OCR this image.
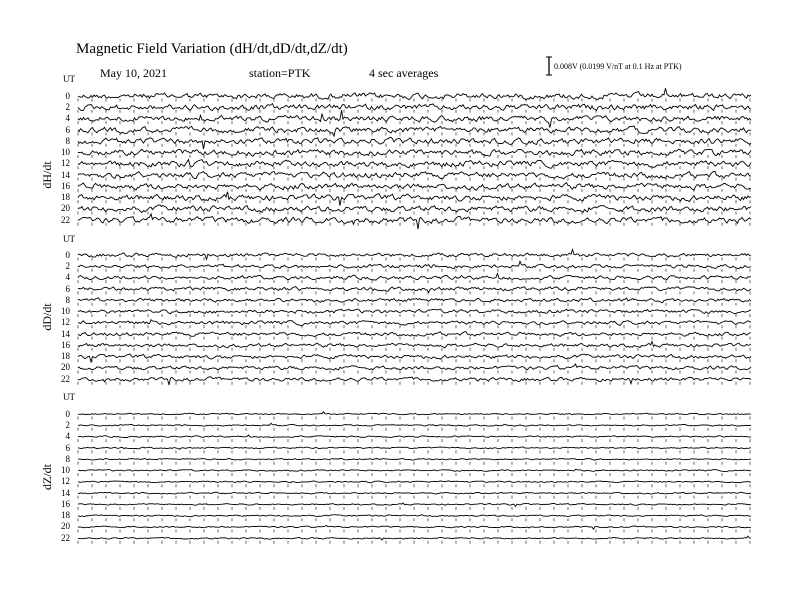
Magnetic Field Variation (dH/dt,dD/dt,dZ/dt)
May 10, 2021	station=PTK	4 sec averages	0.008V (0.0199 V/nT at 0.1 Hz at PTK)
UT
dH/dt
0
2
4
6
8
10
12
14
16
18
20
22
UT
dD/dt
0
2
4
6
8
10
12
14
16
18
20
22
UT
dZ/dt
0
2
4
6
8
10
12
14
16
18
20
22
